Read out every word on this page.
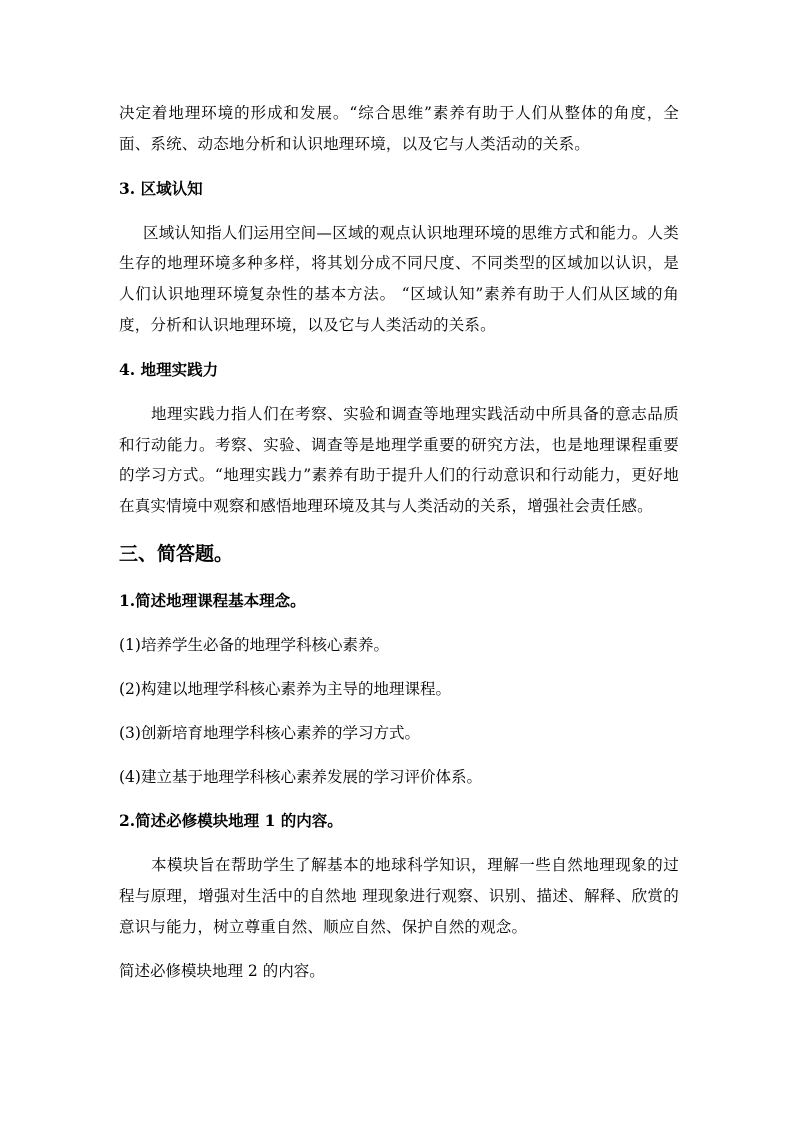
决定着地理环境的形成和发展。“综合思维”素养有助于人们从整体的角度，全面、系统、动态地分析和认识地理环境，以及它与人类活动的关系。

3. 区域认知

区域认知指人们运用空间—区域的观点认识地理环境的思维方式和能力。人类生存的地理环境多种多样，将其划分成不同尺度、不同类型的区域加以认识，是人们认识地理环境复杂性的基本方法。 “区域认知”素养有助于人们从区域的角度，分析和认识地理环境，以及它与人类活动的关系。

4. 地理实践力

地理实践力指人们在考察、实验和调查等地理实践活动中所具备的意志品质和行动能力。考察、实验、调查等是地理学重要的研究方法，也是地理课程重要的学习方式。“地理实践力”素养有助于提升人们的行动意识和行动能力，更好地在真实情境中观察和感悟地理环境及其与人类活动的关系，增强社会责任感。

三、简答题。

1.简述地理课程基本理念。

(1)培养学生必备的地理学科核心素养。

(2)构建以地理学科核心素养为主导的地理课程。

(3)创新培育地理学科核心素养的学习方式。

(4)建立基于地理学科核心素养发展的学习评价体系。

2.简述必修模块地理 1 的内容。

本模块旨在帮助学生了解基本的地球科学知识，理解一些自然地理现象的过程与原理，增强对生活中的自然地 理现象进行观察、识别、描述、解释、欣赏的意识与能力，树立尊重自然、顺应自然、保护自然的观念。

简述必修模块地理 2 的内容。
